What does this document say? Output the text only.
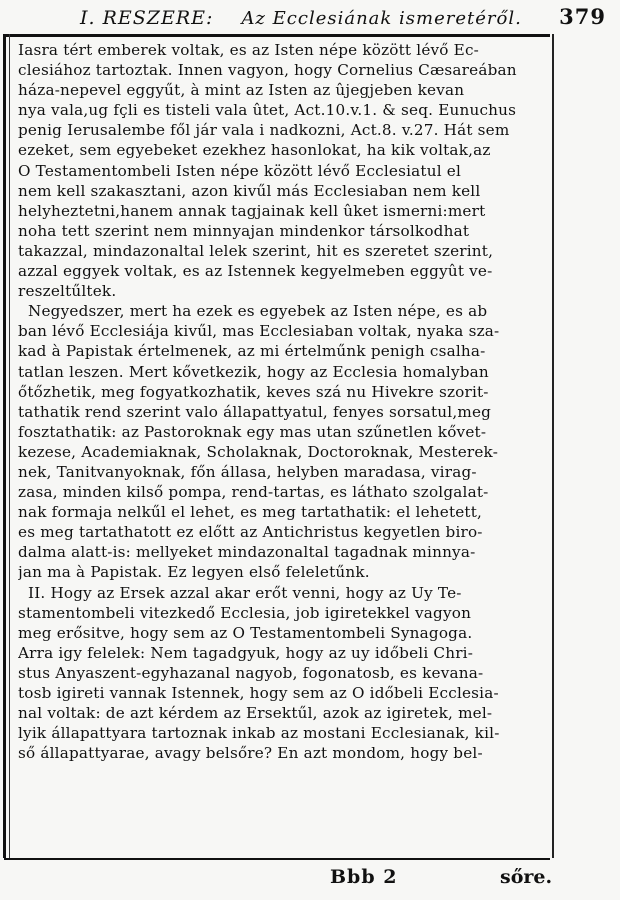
I. RESZERE:	Az Ecclesiának ismeretéről.	379
Iasra tért emberek voltak, es az Isten népe között lévő Ec-
clesiához tartoztak. Innen vagyon, hogy Cornelius Cæsareában
háza-nepevel eggyűt, à mint az Isten az ûjegjeben kevan
nya vala,ug fçli es tisteli vala ûtet, Act.10.v.1. & seq. Eunuchus
penig Ierusalembe fől jár vala i nadkozni, Act.8. v.27. Hát sem
ezeket, sem egyebeket ezekhez hasonlokat, ha kik voltak,az
O Testamentombeli Isten népe között lévő Ecclesiatul el
nem kell szakasztani, azon kivűl más Ecclesiaban nem kell
helyheztetni,hanem annak tagjainak kell ûket ismerni:mert
noha tett szerint nem minnyajan mindenkor társolkodhat
takazzal, mindazonaltal lelek szerint, hit es szeretet szerint,
azzal eggyek voltak, es az Istennek kegyelmeben eggyût ve-
reszeltűltek.
Negyedszer, mert ha ezek es egyebek az Isten népe, es ab
ban lévő Ecclesiája kivűl, mas Ecclesiaban voltak, nyaka sza-
kad à Papistak értelmenek, az mi értelműnk penigh csalha-
tatlan leszen. Mert kővetkezik, hogy az Ecclesia homalyban
őtőzhetik, meg fogyatkozhatik, keves szá nu Hivekre szorit-
tathatik rend szerint valo állapattyatul, fenyes sorsatul,meg
fosztathatik: az Pastoroknak egy mas utan szűnetlen kővet-
kezese, Academiaknak, Scholaknak, Doctoroknak, Mesterek-
nek, Tanitvanyoknak, főn állasa, helyben maradasa, virag-
zasa, minden kilső pompa, rend-tartas, es láthato szolgalat-
nak formaja nelkűl el lehet, es meg tartathatik: el lehetett,
es meg tartathatott ez előtt az Antichristus kegyetlen biro-
dalma alatt-is: mellyeket mindazonaltal tagadnak minnya-
jan ma à Papistak. Ez legyen első feleletűnk.
II. Hogy az Ersek azzal akar erőt venni, hogy az Uy Te-
stamentombeli vitezkedő Ecclesia, job igiretekkel vagyon
meg erősitve, hogy sem az O Testamentombeli Synagoga.
Arra igy felelek: Nem tagadgyuk, hogy az uy időbeli Chri-
stus Anyaszent-egyhazanal nagyob, fogonatosb, es kevana-
tosb igireti vannak Istennek, hogy sem az O időbeli Ecclesia-
nal voltak: de azt kérdem az Ersektűl, azok az igiretek, mel-
lyik állapattyara tartoznak inkab az mostani Ecclesianak, kil-
ső állapattyarae, avagy belsőre? En azt mondom, hogy bel-
Bbb 2	sőre.
